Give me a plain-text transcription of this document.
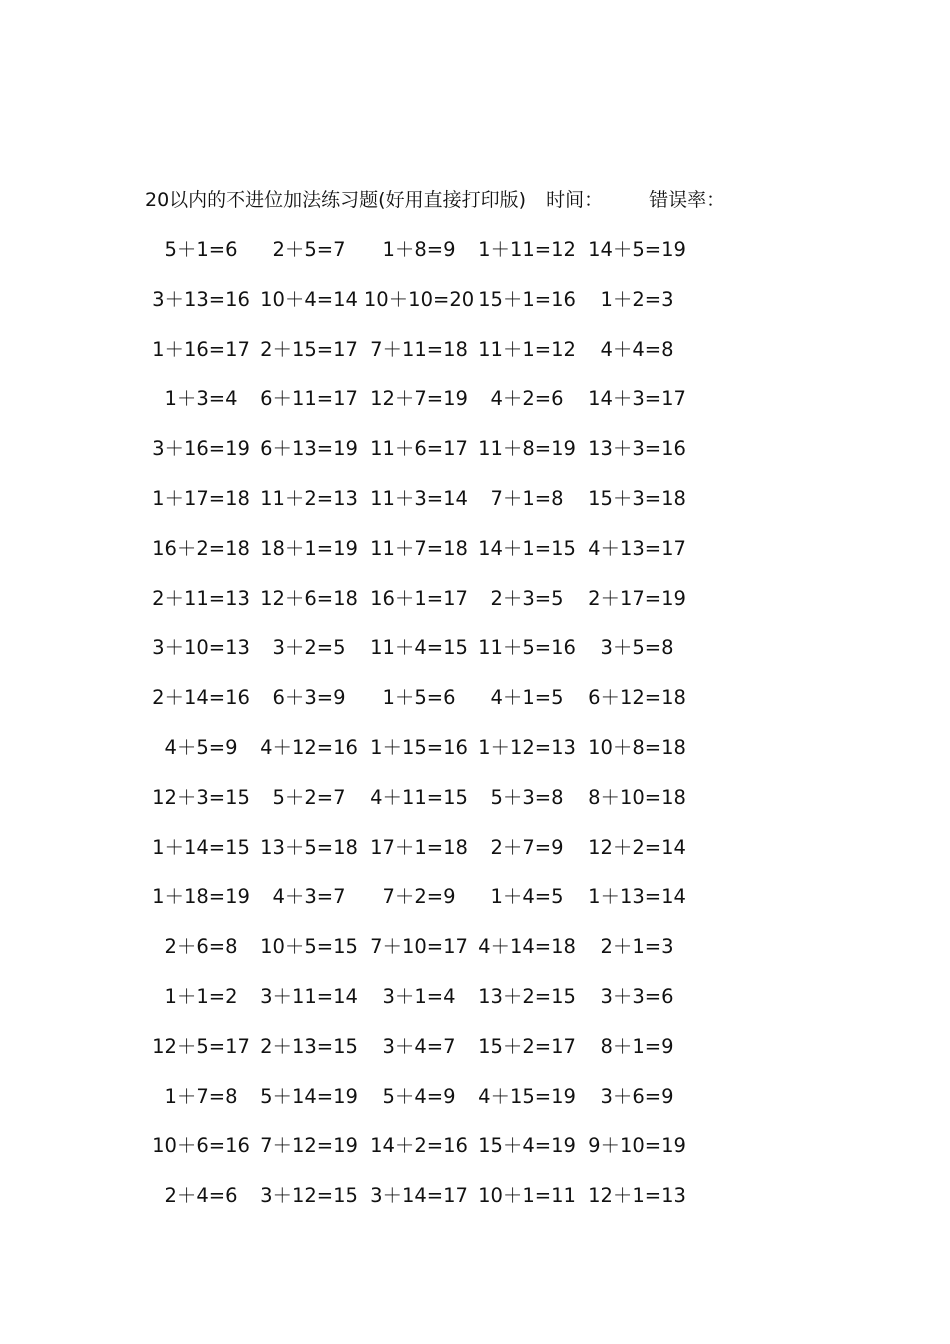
20以内的不进位加法练习题(好用直接打印版) 时间： 错误率：
5＋1=6	2＋5=7	1＋8=9	1＋11=12 14＋5=19
3＋13=16 10＋4=14 10＋10=20 15＋1=16	1＋2=3
1＋16=17 2＋15=17 7＋11=18 11＋1=12	4＋4=8
1＋3=4	6＋11=17 12＋7=19	4＋2=6	14＋3=17
3＋16=19 6＋13=19 11＋6=17 11＋8=19 13＋3=16
1＋17=18 11＋2=13 11＋3=14	7＋1=8	15＋3=18
16＋2=18 18＋1=19 11＋7=18 14＋1=15 4＋13=17
2＋11=13 12＋6=18 16＋1=17	2＋3=5	2＋17=19
3＋10=13	3＋2=5	11＋4=15 11＋5=16	3＋5=8
2＋14=16	6＋3=9	1＋5=6	4＋1=5	6＋12=18
4＋5=9	4＋12=16 1＋15=16 1＋12=13 10＋8=18
12＋3=15	5＋2=7	4＋11=15	5＋3=8	8＋10=18
1＋14=15 13＋5=18 17＋1=18	2＋7=9	12＋2=14
1＋18=19	4＋3=7	7＋2=9	1＋4=5	1＋13=14
2＋6=8	10＋5=15 7＋10=17 4＋14=18	2＋1=3
1＋1=2	3＋11=14	3＋1=4	13＋2=15	3＋3=6
12＋5=17 2＋13=15	3＋4=7	15＋2=17	8＋1=9
1＋7=8	5＋14=19	5＋4=9	4＋15=19	3＋6=9
10＋6=16 7＋12=19 14＋2=16 15＋4=19 9＋10=19
2＋4=6	3＋12=15 3＋14=17 10＋1=11 12＋1=13
